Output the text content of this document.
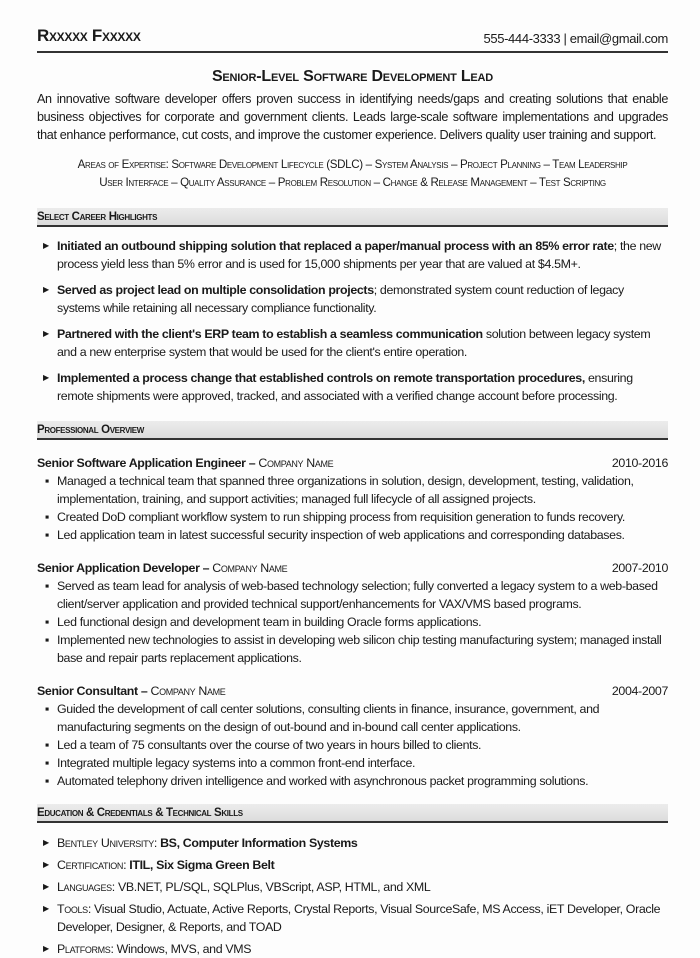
Rxxxxx Fxxxxx	555-444-3333 | email@gmail.com
Senior-Level Software Development Lead

An innovative software developer offers proven success in identifying needs/gaps and creating solutions that enable business objectives for corporate and government clients. Leads large-scale software implementations and upgrades that enhance performance, cut costs, and improve the customer experience. Delivers quality user training and support.

Areas of Expertise: Software Development Lifecycle (SDLC) – System Analysis – Project Planning – Team Leadership
User Interface – Quality Assurance – Problem Resolution – Change & Release Management – Test Scripting
Select Career Highlights
▶ Initiated an outbound shipping solution that replaced a paper/manual process with an 85% error rate; the new process yield less than 5% error and is used for 15,000 shipments per year that are valued at $4.5M+.
▶ Served as project lead on multiple consolidation projects; demonstrated system count reduction of legacy systems while retaining all necessary compliance functionality.
▶ Partnered with the client's ERP team to establish a seamless communication solution between legacy system and a new enterprise system that would be used for the client's entire operation.
▶ Implemented a process change that established controls on remote transportation procedures, ensuring remote shipments were approved, tracked, and associated with a verified change account before processing.
Professional Overview
Senior Software Application Engineer – Company Name	2010-2016
▪ Managed a technical team that spanned three organizations in solution, design, development, testing, validation, implementation, training, and support activities; managed full lifecycle of all assigned projects.
▪ Created DoD compliant workflow system to run shipping process from requisition generation to funds recovery.
▪ Led application team in latest successful security inspection of web applications and corresponding databases.
Senior Application Developer – Company Name	2007-2010
▪ Served as team lead for analysis of web-based technology selection; fully converted a legacy system to a web-based client/server application and provided technical support/enhancements for VAX/VMS based programs.
▪ Led functional design and development team in building Oracle forms applications.
▪ Implemented new technologies to assist in developing web silicon chip testing manufacturing system; managed install base and repair parts replacement applications.
Senior Consultant – Company Name	2004-2007
▪ Guided the development of call center solutions, consulting clients in finance, insurance, government, and manufacturing segments on the design of out-bound and in-bound call center applications.
▪ Led a team of 75 consultants over the course of two years in hours billed to clients.
▪ Integrated multiple legacy systems into a common front-end interface.
▪ Automated telephony driven intelligence and worked with asynchronous packet programming solutions.
Education & Credentials & Technical Skills
▶ Bentley University: BS, Computer Information Systems
▶ Certification: ITIL, Six Sigma Green Belt
▶ Languages: VB.NET, PL/SQL, SQLPlus, VBScript, ASP, HTML, and XML
▶ Tools: Visual Studio, Actuate, Active Reports, Crystal Reports, Visual SourceSafe, MS Access, iET Developer, Oracle Developer, Designer, & Reports, and TOAD
▶ Platforms: Windows, MVS, and VMS
